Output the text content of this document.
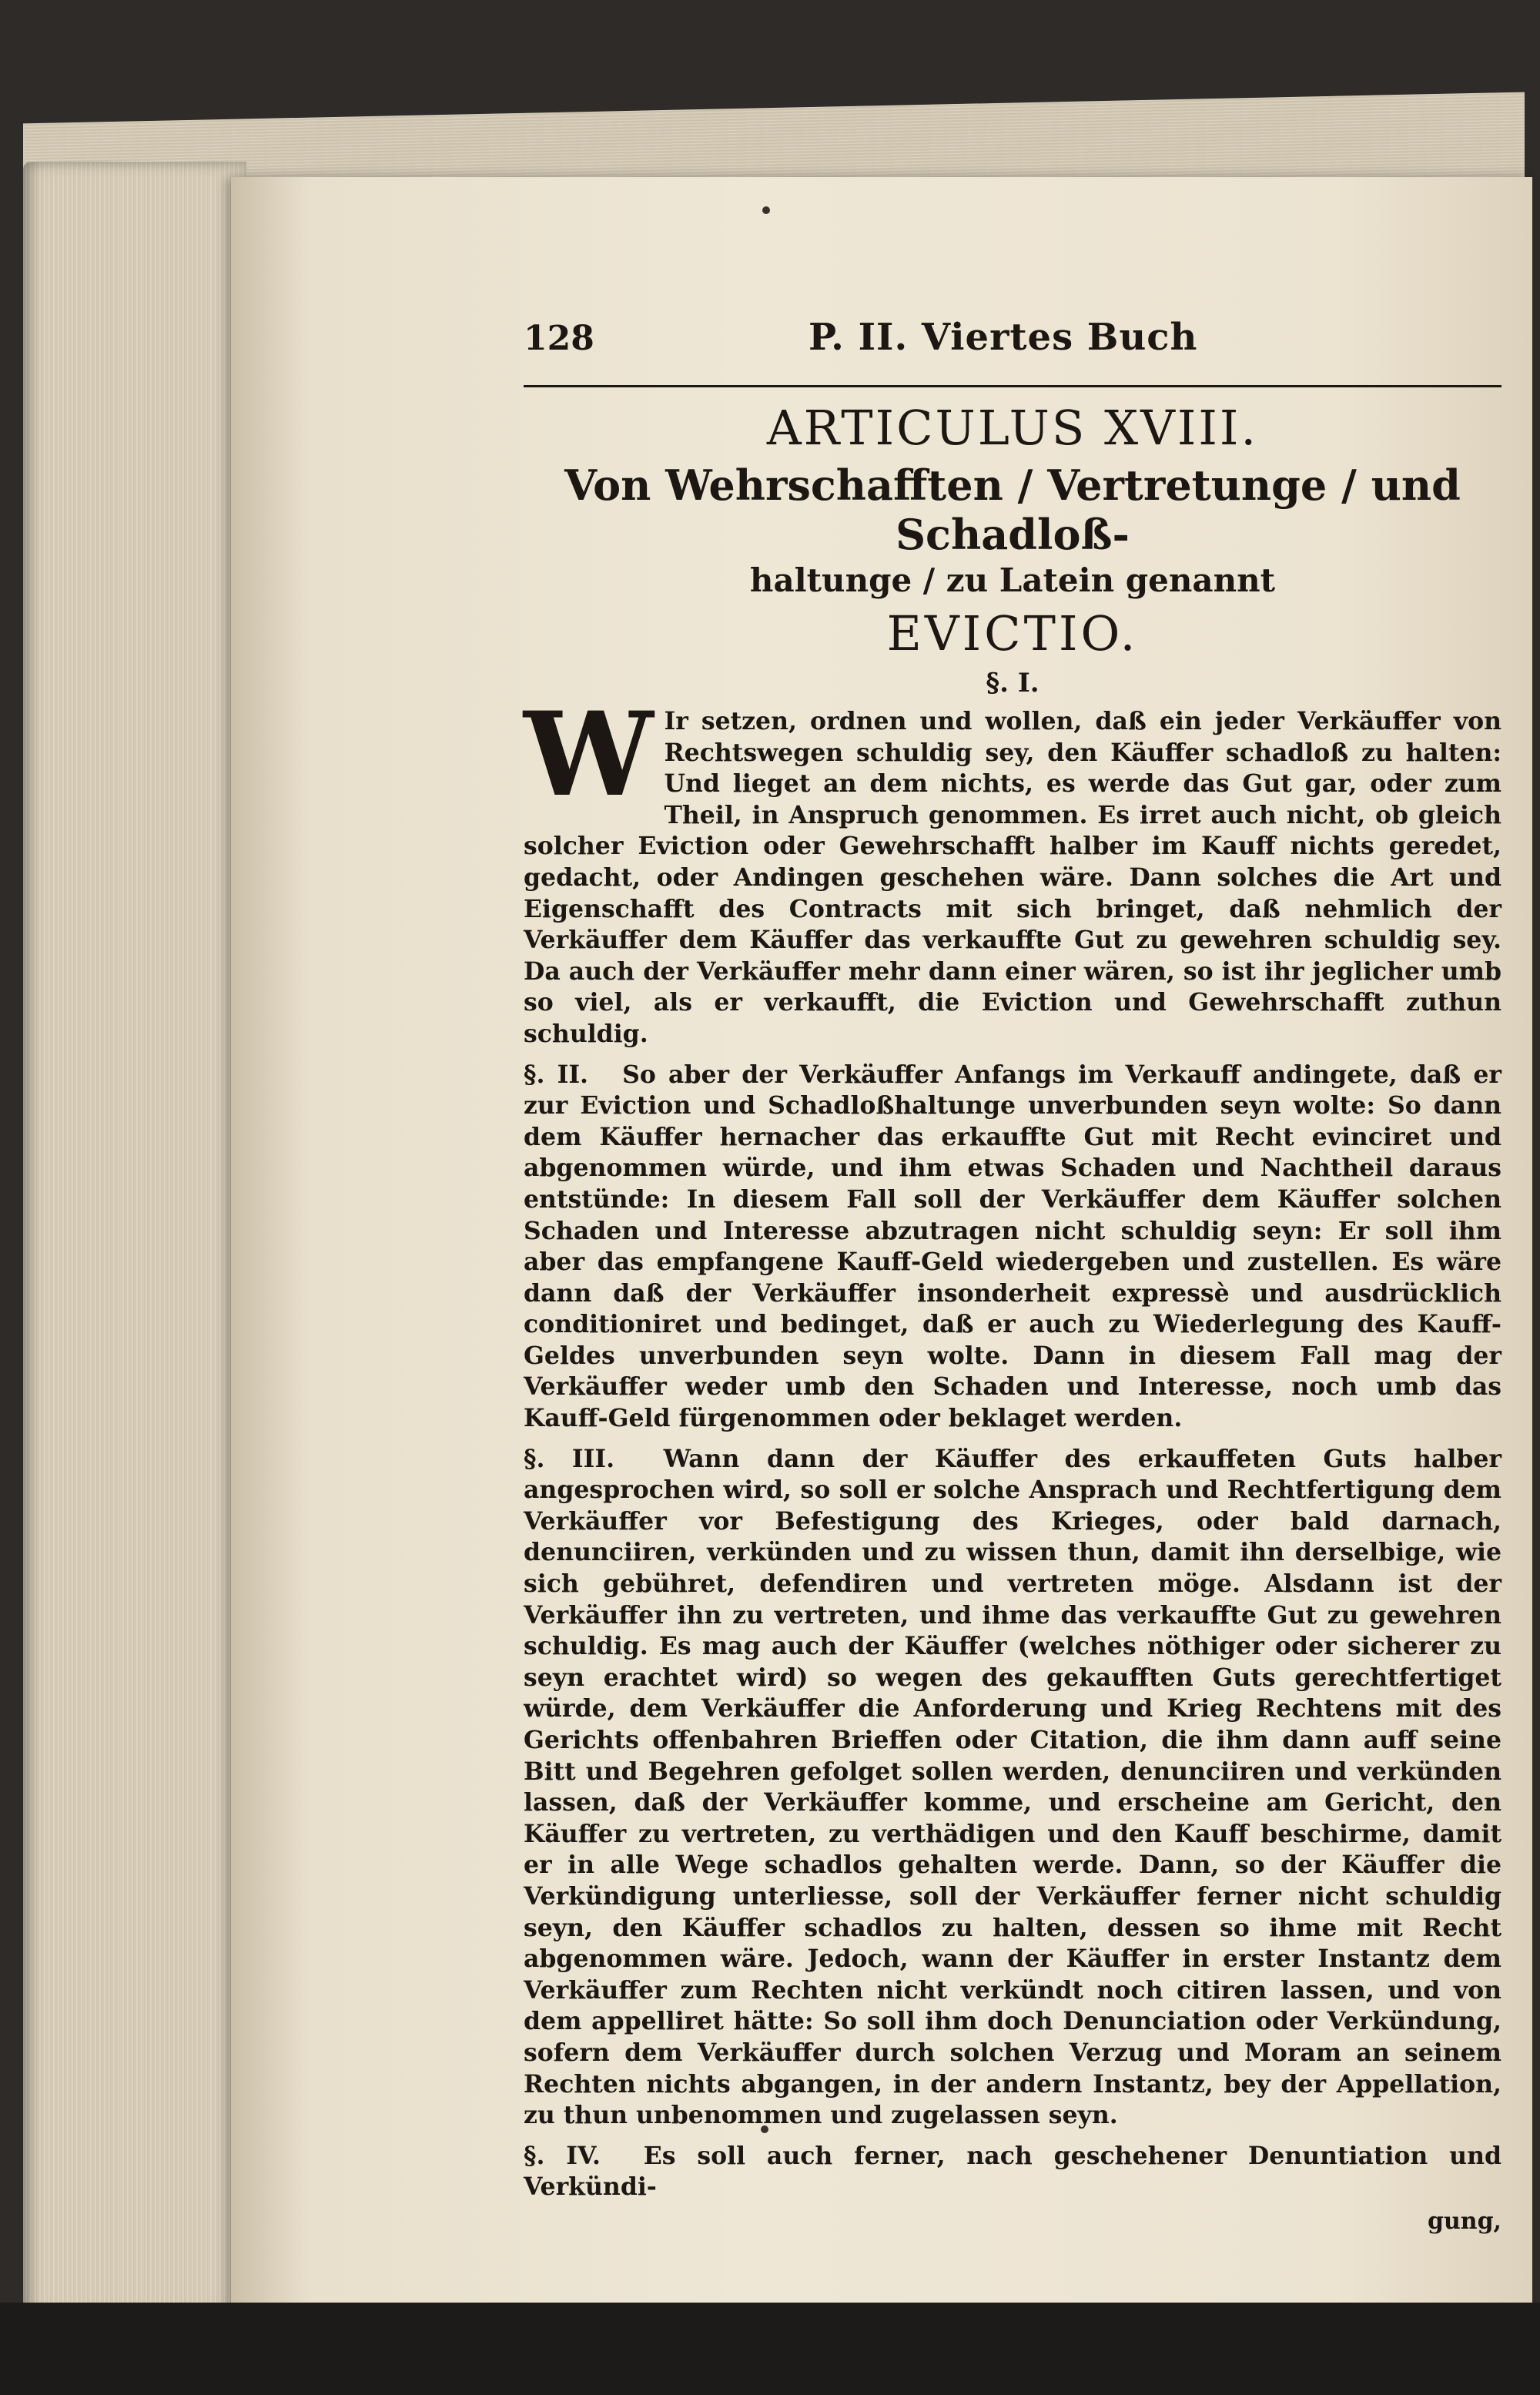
128	P. II. Viertes Buch
ARTICULUS XVIII.

Von Wehrschafften / Vertretunge / und Schadloß-

haltunge / zu Latein genannt

EVICTIO.

§. I.

W Ir setzen, ordnen und wollen, daß ein jeder Verkäuffer von Rechtswegen schuldig sey, den Käuffer schadloß zu halten: Und lieget an dem nichts, es werde das Gut gar, oder zum Theil, in Anspruch genommen. Es irret auch nicht, ob gleich solcher Eviction oder Gewehrschafft halber im Kauff nichts geredet, gedacht, oder Andingen geschehen wäre. Dann solches die Art und Eigenschafft des Contracts mit sich bringet, daß nehmlich der Verkäuffer dem Käuffer das verkauffte Gut zu gewehren schuldig sey. Da auch der Verkäuffer mehr dann einer wären, so ist ihr jeglicher umb so viel, als er verkaufft, die Eviction und Gewehrschafft zuthun schuldig.

§. II. So aber der Verkäuffer Anfangs im Verkauff andingete, daß er zur Eviction und Schadloßhaltunge unverbunden seyn wolte: So dann dem Käuffer hernacher das erkauffte Gut mit Recht evinciret und abgenommen würde, und ihm etwas Schaden und Nachtheil daraus entstünde: In diesem Fall soll der Verkäuffer dem Käuffer solchen Schaden und Interesse abzutragen nicht schuldig seyn: Er soll ihm aber das empfangene Kauff-Geld wiedergeben und zustellen. Es wäre dann daß der Verkäuffer insonderheit expressè und ausdrücklich conditioniret und bedinget, daß er auch zu Wiederlegung des Kauff-Geldes unverbunden seyn wolte. Dann in diesem Fall mag der Verkäuffer weder umb den Schaden und Interesse, noch umb das Kauff-Geld fürgenommen oder beklaget werden.

§. III. Wann dann der Käuffer des erkauffeten Guts halber angesprochen wird, so soll er solche Ansprach und Rechtfertigung dem Verkäuffer vor Befestigung des Krieges, oder bald darnach, denunciiren, verkünden und zu wissen thun, damit ihn derselbige, wie sich gebühret, defendiren und vertreten möge. Alsdann ist der Verkäuffer ihn zu vertreten, und ihme das verkauffte Gut zu gewehren schuldig. Es mag auch der Käuffer (welches nöthiger oder sicherer zu seyn erachtet wird) so wegen des gekaufften Guts gerechtfertiget würde, dem Verkäuffer die Anforderung und Krieg Rechtens mit des Gerichts offenbahren Brieffen oder Citation, die ihm dann auff seine Bitt und Begehren gefolget sollen werden, denunciiren und verkünden lassen, daß der Verkäuffer komme, und erscheine am Gericht, den Käuffer zu vertreten, zu verthädigen und den Kauff beschirme, damit er in alle Wege schadlos gehalten werde. Dann, so der Käuffer die Verkündigung unterliesse, soll der Verkäuffer ferner nicht schuldig seyn, den Käuffer schadlos zu halten, dessen so ihme mit Recht abgenommen wäre. Jedoch, wann der Käuffer in erster Instantz dem Verkäuffer zum Rechten nicht verkündt noch citiren lassen, und von dem appelliret hätte: So soll ihm doch Denunciation oder Verkündung, sofern dem Verkäuffer durch solchen Verzug und Moram an seinem Rechten nichts abgangen, in der andern Instantz, bey der Appellation, zu thun unbenommen und zugelassen seyn.

§. IV. Es soll auch ferner, nach geschehener Denuntiation und Verkündi-

gung,
